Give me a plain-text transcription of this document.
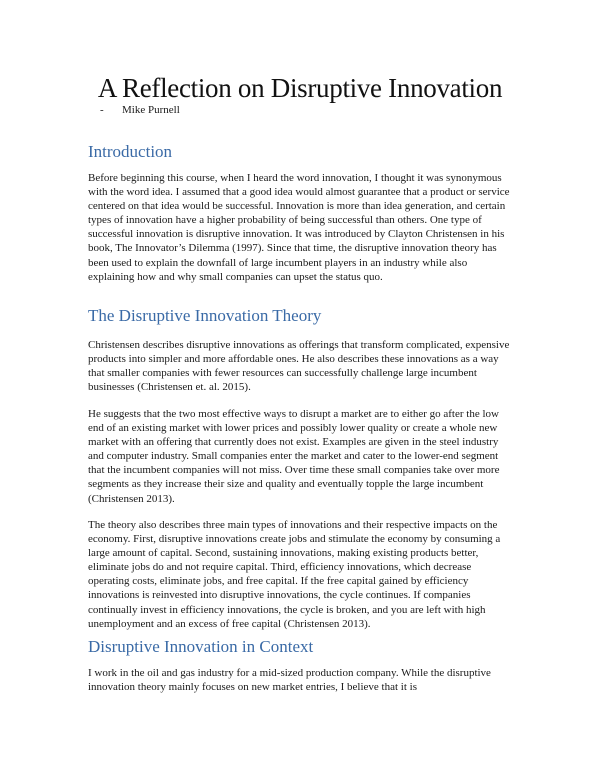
A Reflection on Disruptive Innovation
- Mike Purnell
Introduction
Before beginning this course, when I heard the word innovation, I thought it was synonymous with the word idea. I assumed that a good idea would almost guarantee that a product or service centered on that idea would be successful. Innovation is more than idea generation, and certain types of innovation have a higher probability of being successful than others. One type of successful innovation is disruptive innovation. It was introduced by Clayton Christensen in his book, The Innovator’s Dilemma (1997). Since that time, the disruptive innovation theory has been used to explain the downfall of large incumbent players in an industry while also explaining how and why small companies can upset the status quo.
The Disruptive Innovation Theory
Christensen describes disruptive innovations as offerings that transform complicated, expensive products into simpler and more affordable ones. He also describes these innovations as a way that smaller companies with fewer resources can successfully challenge large incumbent businesses (Christensen et. al. 2015).
He suggests that the two most effective ways to disrupt a market are to either go after the low end of an existing market with lower prices and possibly lower quality or create a whole new market with an offering that currently does not exist. Examples are given in the steel industry and computer industry. Small companies enter the market and cater to the lower-end segment that the incumbent companies will not miss. Over time these small companies take over more segments as they increase their size and quality and eventually topple the large incumbent (Christensen 2013).
The theory also describes three main types of innovations and their respective impacts on the economy. First, disruptive innovations create jobs and stimulate the economy by consuming a large amount of capital. Second, sustaining innovations, making existing products better, eliminate jobs do and not require capital. Third, efficiency innovations, which decrease operating costs, eliminate jobs, and free capital. If the free capital gained by efficiency innovations is reinvested into disruptive innovations, the cycle continues. If companies continually invest in efficiency innovations, the cycle is broken, and you are left with high unemployment and an excess of free capital (Christensen 2013).
Disruptive Innovation in Context
I work in the oil and gas industry for a mid-sized production company. While the disruptive innovation theory mainly focuses on new market entries, I believe that it is
